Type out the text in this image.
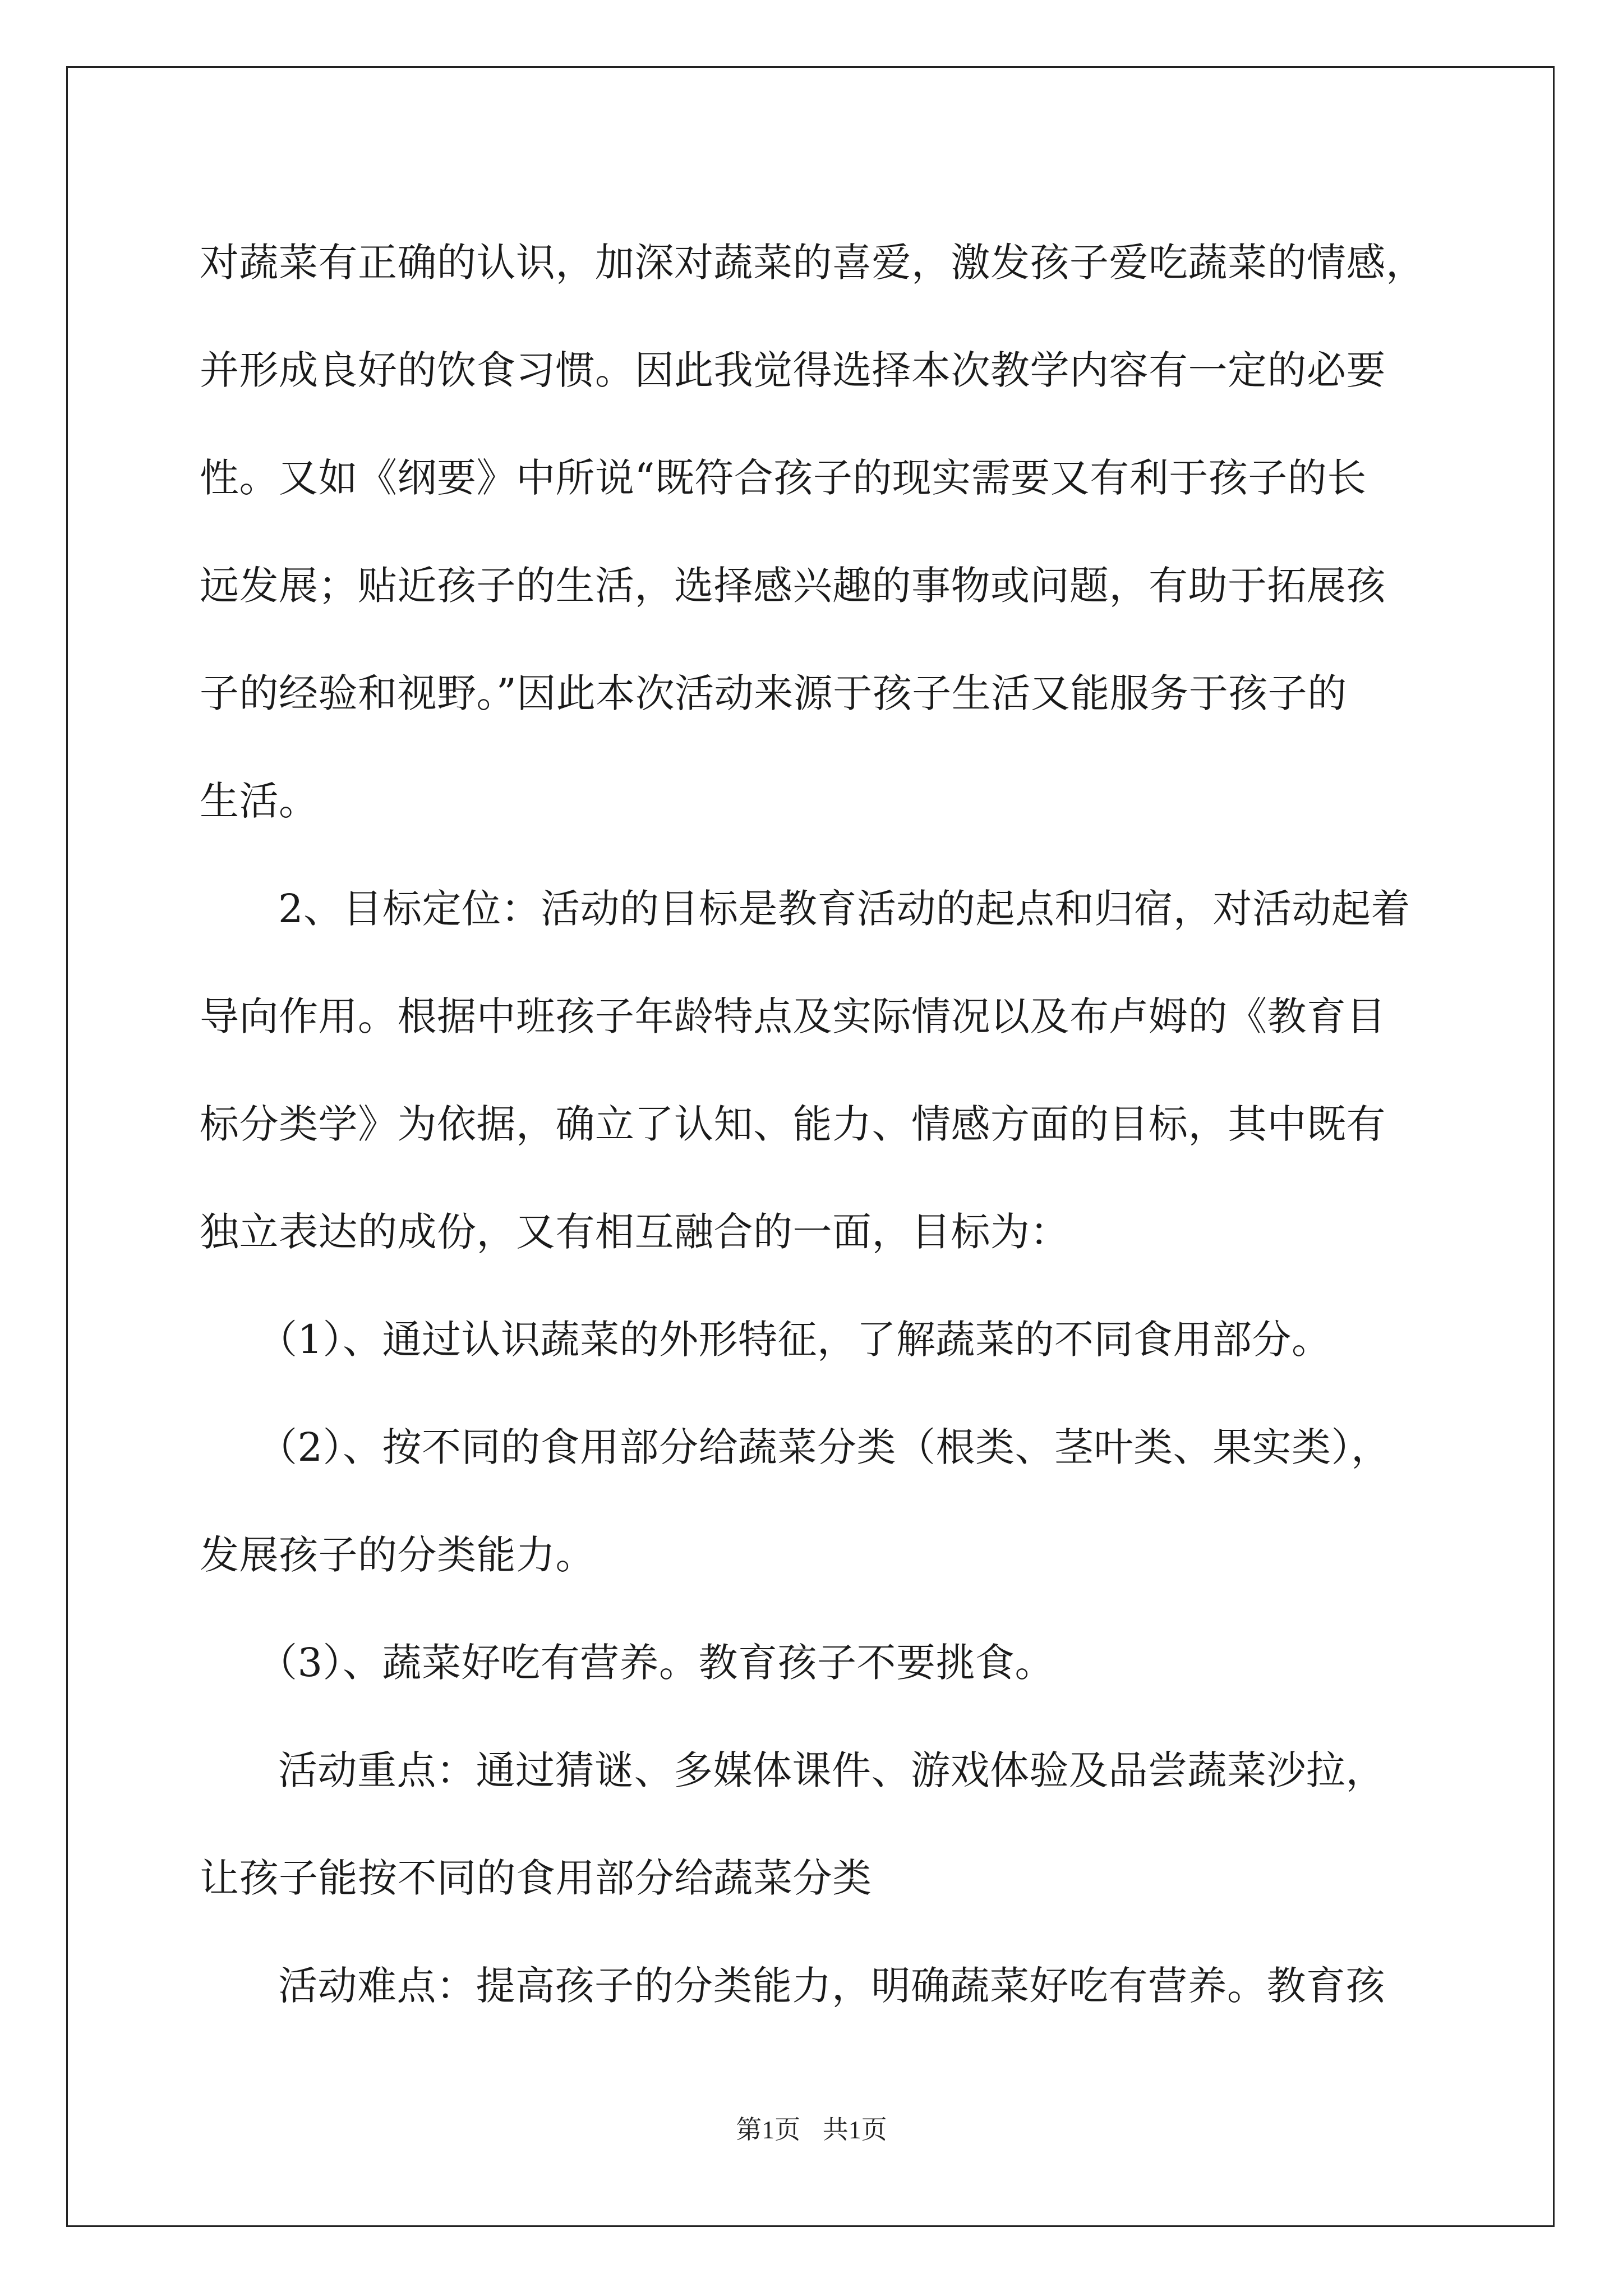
对蔬菜有正确的认识，加深对蔬菜的喜爱，激发孩子爱吃蔬菜的情感，
并形成良好的饮食习惯。因此我觉得选择本次教学内容有一定的必要
性。又如《纲要》中所说“既符合孩子的现实需要又有利于孩子的长
远发展；贴近孩子的生活，选择感兴趣的事物或问题，有助于拓展孩
子的经验和视野。”因此本次活动来源于孩子生活又能服务于孩子的
生活。
2、目标定位：活动的目标是教育活动的起点和归宿，对活动起着
导向作用。根据中班孩子年龄特点及实际情况以及布卢姆的《教育目
标分类学》为依据，确立了认知、能力、情感方面的目标，其中既有
独立表达的成份，又有相互融合的一面，目标为：
（1）、通过认识蔬菜的外形特征，了解蔬菜的不同食用部分。
（2）、按不同的食用部分给蔬菜分类（根类、茎叶类、果实类），
发展孩子的分类能力。
（3）、蔬菜好吃有营养。教育孩子不要挑食。
活动重点：通过猜谜、多媒体课件、游戏体验及品尝蔬菜沙拉，
让孩子能按不同的食用部分给蔬菜分类
活动难点：提高孩子的分类能力，明确蔬菜好吃有营养。教育孩
第1页 共1页
